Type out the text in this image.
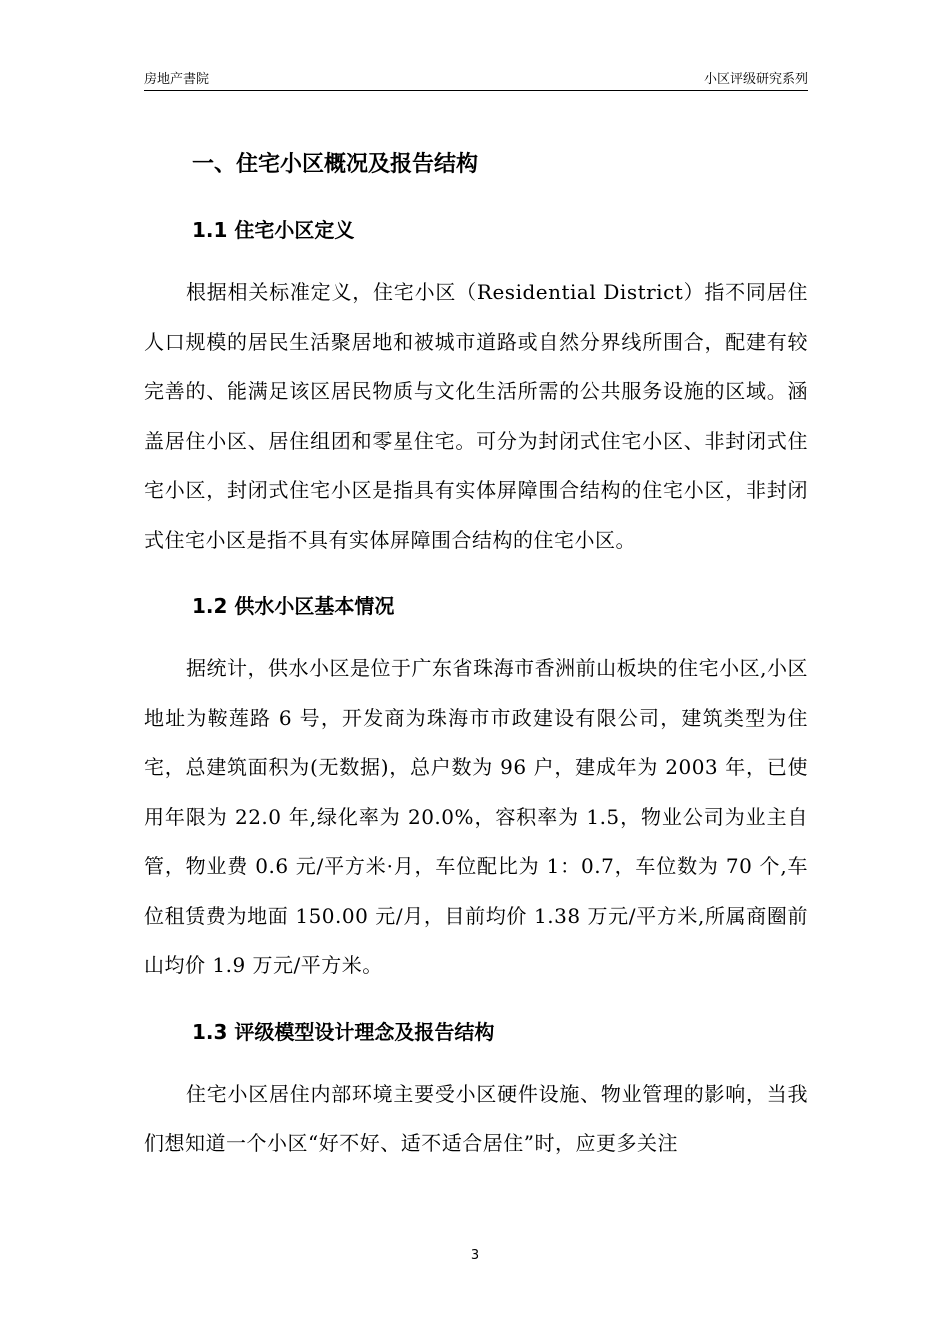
房地产書院	小区评级研究系列
一、住宅小区概况及报告结构
1.1 住宅小区定义

根据相关标准定义，住宅小区（Residential District）指不同居住人口规模的居民生活聚居地和被城市道路或自然分界线所围合，配建有较完善的、能满足该区居民物质与文化生活所需的公共服务设施的区域。涵盖居住小区、居住组团和零星住宅。可分为封闭式住宅小区、非封闭式住宅小区，封闭式住宅小区是指具有实体屏障围合结构的住宅小区，非封闭式住宅小区是指不具有实体屏障围合结构的住宅小区。

1.2 供水小区基本情况

据统计，供水小区是位于广东省珠海市香洲前山板块的住宅小区,小区地址为鞍莲路 6 号，开发商为珠海市市政建设有限公司，建筑类型为住宅，总建筑面积为(无数据)，总户数为 96 户，建成年为 2003 年，已使用年限为 22.0 年,绿化率为 20.0%，容积率为 1.5，物业公司为业主自管，物业费 0.6 元/平方米·月，车位配比为 1：0.7，车位数为 70 个,车位租赁费为地面 150.00 元/月，目前均价 1.38 万元/平方米,所属商圈前山均价 1.9 万元/平方米。

1.3 评级模型设计理念及报告结构

住宅小区居住内部环境主要受小区硬件设施、物业管理的影响，当我们想知道一个小区“好不好、适不适合居住”时，应更多关注

3
